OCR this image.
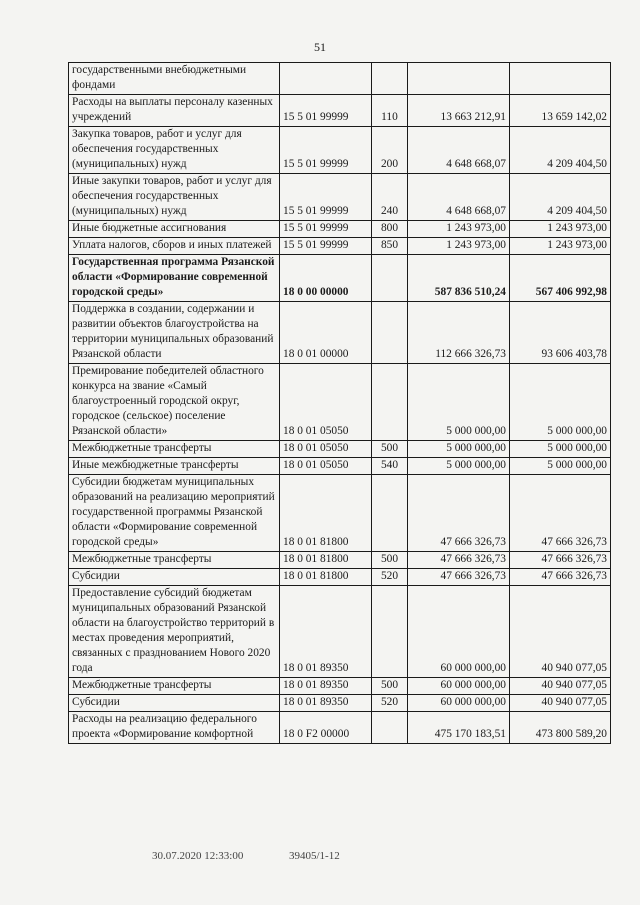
51
государственными внебюджетными фондами				
Расходы на выплаты персоналу казенных учреждений	15 5 01 99999	110	13 663 212,91	13 659 142,02
Закупка товаров, работ и услуг для обеспечения государственных (муниципальных) нужд	15 5 01 99999	200	4 648 668,07	4 209 404,50
Иные закупки товаров, работ и услуг для обеспечения государственных (муниципальных) нужд	15 5 01 99999	240	4 648 668,07	4 209 404,50
Иные бюджетные ассигнования	15 5 01 99999	800	1 243 973,00	1 243 973,00
Уплата налогов, сборов и иных платежей	15 5 01 99999	850	1 243 973,00	1 243 973,00
Государственная программа Рязанской области «Формирование современной городской среды»	18 0 00 00000		587 836 510,24	567 406 992,98
Поддержка в создании, содержании и развитии объектов благоустройства на территории муниципальных образований Рязанской области	18 0 01 00000		112 666 326,73	93 606 403,78
Премирование победителей областного конкурса на звание «Самый благоустроенный городской округ, городское (сельское) поселение Рязанской области»	18 0 01 05050		5 000 000,00	5 000 000,00
Межбюджетные трансферты	18 0 01 05050	500	5 000 000,00	5 000 000,00
Иные межбюджетные трансферты	18 0 01 05050	540	5 000 000,00	5 000 000,00
Субсидии бюджетам муниципальных образований на реализацию мероприятий государственной программы Рязанской области «Формирование современной городской среды»	18 0 01 81800		47 666 326,73	47 666 326,73
Межбюджетные трансферты	18 0 01 81800	500	47 666 326,73	47 666 326,73
Субсидии	18 0 01 81800	520	47 666 326,73	47 666 326,73
Предоставление субсидий бюджетам муниципальных образований Рязанской области на благоустройство территорий в местах проведения мероприятий, связанных с празднованием Нового 2020 года	18 0 01 89350		60 000 000,00	40 940 077,05
Межбюджетные трансферты	18 0 01 89350	500	60 000 000,00	40 940 077,05
Субсидии	18 0 01 89350	520	60 000 000,00	40 940 077,05
Расходы на реализацию федерального проекта «Формирование комфортной	18 0 F2 00000		475 170 183,51	473 800 589,20
30.07.2020 12:33:00	39405/1-12
